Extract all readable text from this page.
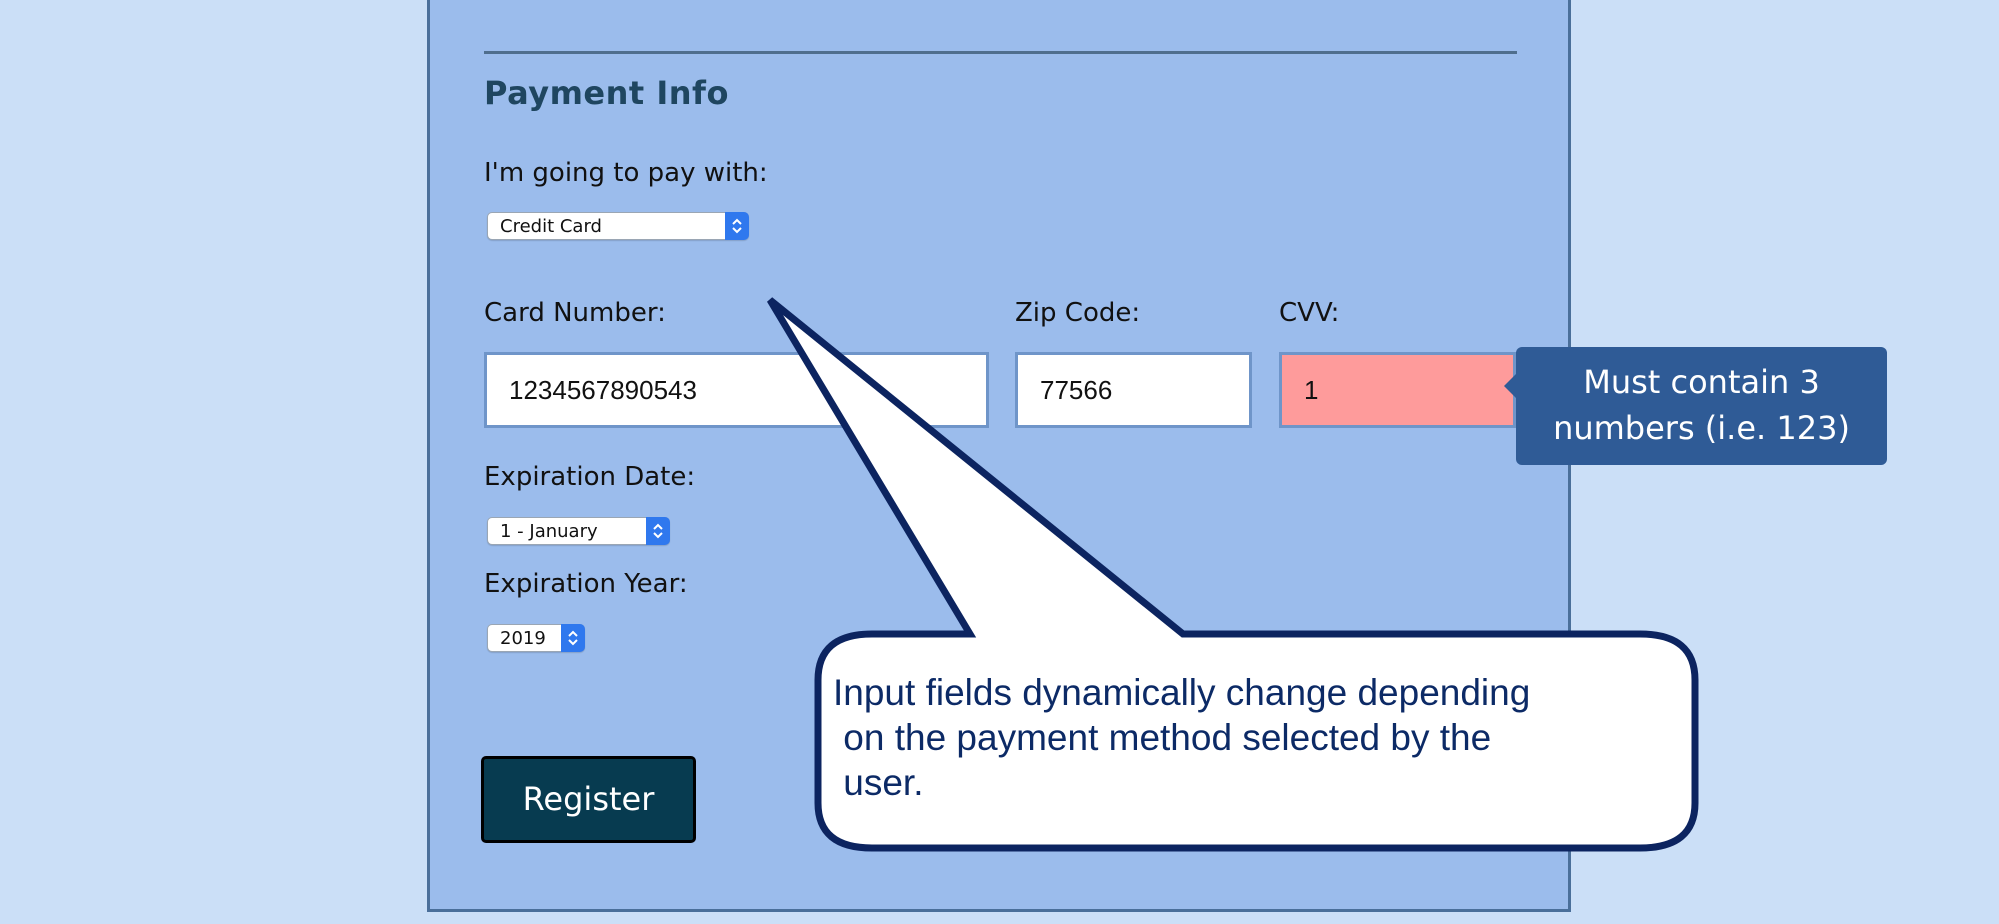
Payment Info
I'm going to pay with:
Credit Card
Card Number:	Zip Code:	CVV:
1234567890543	77566	1	Must contain 3
numbers (i.e. 123)
Expiration Date:
1 - January
Expiration Year:
2019
Register
Input fields dynamically change depending
on the payment method selected by the
user.
